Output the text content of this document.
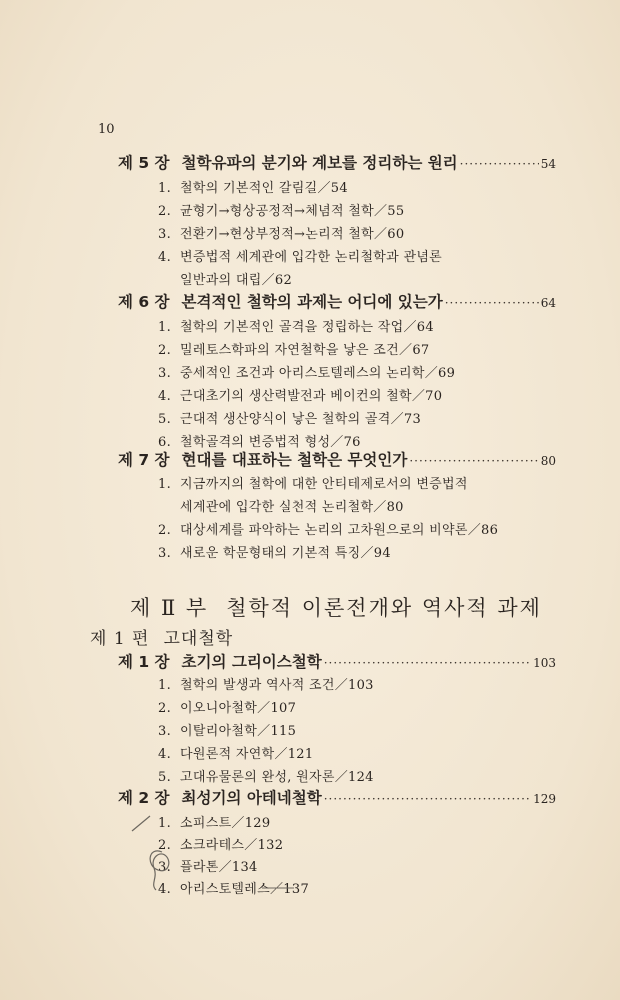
10
제 5 장 철학유파의 분기와 계보를 정리하는 원리 ·····	54
1. 철학의 기본적인 갈림길／54
2. 균형기→형상공정적→체념적 철학／55
3. 전환기→현상부정적→논리적 철학／60
4. 변증법적 세계관에 입각한 논리철학과 관념론
일반과의 대립／62
제 6 장 본격적인 철학의 과제는 어디에 있는가 ·····	64
1. 철학의 기본적인 골격을 정립하는 작업／64
2. 밀레토스학파의 자연철학을 낳은 조건／67
3. 중세적인 조건과 아리스토텔레스의 논리학／69
4. 근대초기의 생산력발전과 베이컨의 철학／70
5. 근대적 생산양식이 낳은 철학의 골격／73
6. 철학골격의 변증법적 형성／76
제 7 장 현대를 대표하는 철학은 무엇인가 ·····	80
1. 지금까지의 철학에 대한 안티테제로서의 변증법적
세계관에 입각한 실천적 논리철학／80
2. 대상세계를 파악하는 논리의 고차원으로의 비약론／86
3. 새로운 학문형태의 기본적 특징／94
제 Ⅱ 부 철학적 이론전개와 역사적 과제
제 1 편 고대철학
제 1 장 초기의 그리이스철학 ·····	103
1. 철학의 발생과 역사적 조건／103
2. 이오니아철학／107
3. 이탈리아철학／115
4. 다원론적 자연학／121
5. 고대유물론의 완성, 원자론／124
제 2 장 최성기의 아테네철학 ·····	129
1. 소피스트／129
2. 소크라테스／132
3. 플라톤／134
4. 아리스토텔레스／137
